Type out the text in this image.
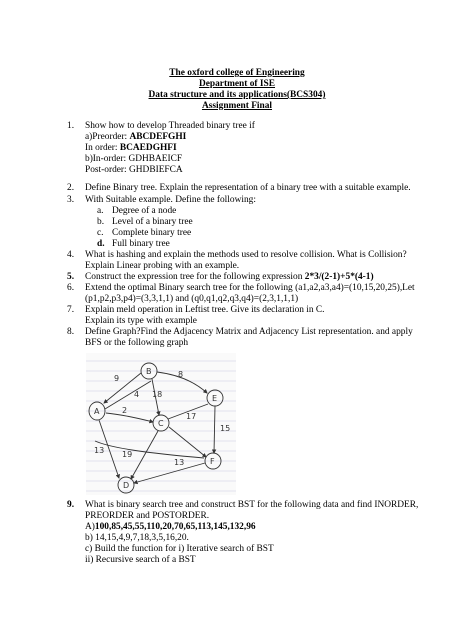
The oxford college of Engineering
Department of ISE
Data structure and its applications(BCS304)
Assignment Final
1. Show how to develop Threaded binary tree if
a)Preorder: ABCDEFGHI
In order: BCAEDGHFI
b)In-order: GDHBAEICF
Post-order: GHDBIEFCA
2. Define Binary tree. Explain the representation of a binary tree with a suitable example.
3. With Suitable example. Define the following:
a. Degree of a node
b. Level of a binary tree
c. Complete binary tree
d. Full binary tree
4. What is hashing and explain the methods used to resolve collision. What is Collision?
Explain Linear probing with an example.
5. Construct the expression tree for the following expression 2*3/(2-1)+5*(4-1)
6. Extend the optimal Binary search tree for the following (a1,a2,a3,a4)=(10,15,20,25),Let
(p1,p2,p3,p4)=(3,3,1,1) and (q0,q1,q2,q3,q4)=(2,3,1,1,1)
7. Explain meld operation in Leftist tree. Give its declaration in C.
Explain its type with example
8. Define Graph?Find the Adjacency Matrix and Adjacency List representation. and apply
BFS or the following graph
B
A
E
C
F
D
9	8
2
4 18
17
13 19
13
15
9. What is binary search tree and construct BST for the following data and find INORDER,
PREORDER and POSTORDER.
A)100,85,45,55,110,20,70,65,113,145,132,96
b) 14,15,4,9,7,18,3,5,16,20.
c) Build the function for i) Iterative search of BST
ii) Recursive search of a BST
